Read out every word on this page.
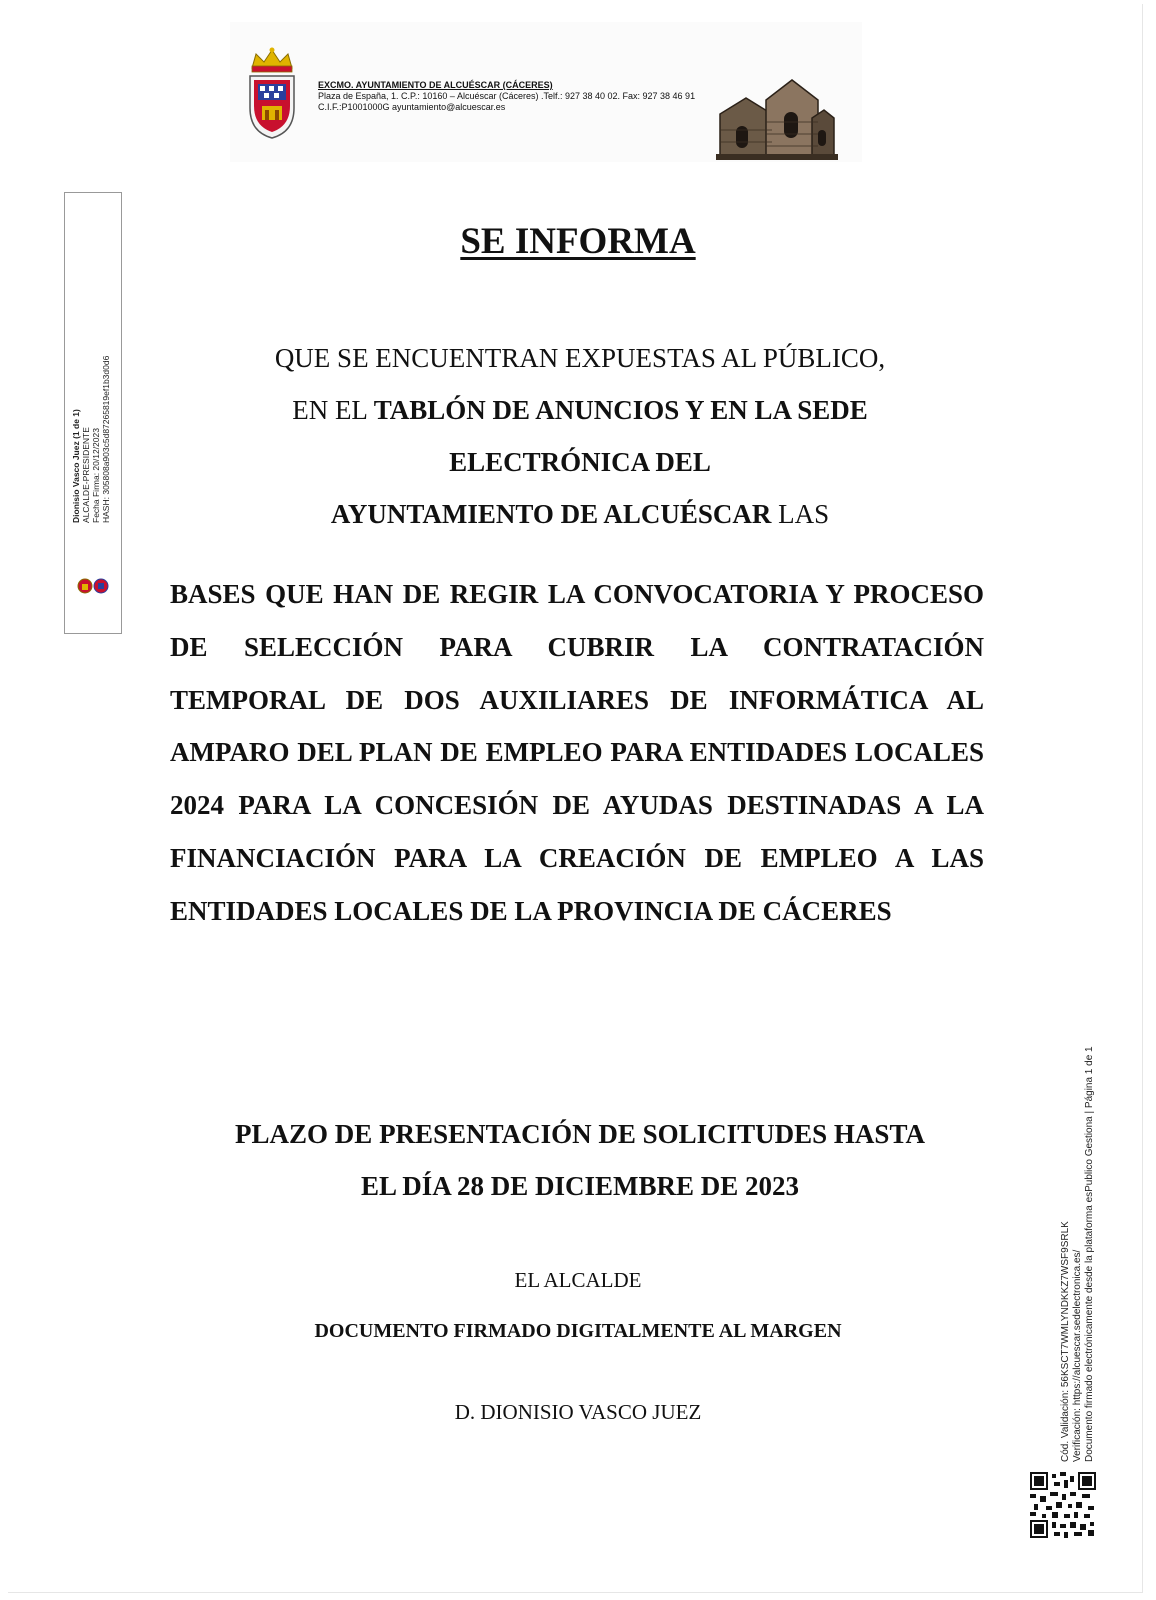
EXCMO. AYUNTAMIENTO DE ALCUÉSCAR (CÁCERES)
Plaza de España, 1. C.P.: 10160 – Alcuéscar (Cáceres) .Telf.: 927 38 40 02. Fax: 927 38 46 91
C.I.F.:P1001000G ayuntamiento@alcuescar.es
Dionisio Vasco Juez (1 de 1) ALCALDE-PRESIDENTE Fecha Firma: 20/12/2023 HASH: 305808a903c5d87265819ef1b3d0d6
SE INFORMA
QUE SE ENCUENTRAN EXPUESTAS AL PÚBLICO,
EN EL TABLÓN DE ANUNCIOS Y EN LA SEDE
ELECTRÓNICA DEL
AYUNTAMIENTO DE ALCUÉSCAR LAS
BASES QUE HAN DE REGIR LA CONVOCATORIA Y PROCESO DE SELECCIÓN PARA CUBRIR LA CONTRATACIÓN TEMPORAL DE DOS AUXILIARES DE INFORMÁTICA AL AMPARO DEL PLAN DE EMPLEO PARA ENTIDADES LOCALES 2024 PARA LA CONCESIÓN DE AYUDAS DESTINADAS A LA FINANCIACIÓN PARA LA CREACIÓN DE EMPLEO A LAS ENTIDADES LOCALES DE LA PROVINCIA DE CÁCERES
PLAZO DE PRESENTACIÓN DE SOLICITUDES HASTA
EL DÍA 28 DE DICIEMBRE DE 2023
EL ALCALDE
DOCUMENTO FIRMADO DIGITALMENTE AL MARGEN
D. DIONISIO VASCO JUEZ	Cód. Validación: 56KSCT7WMLYNDKKZ7WSF9SRLK Verificación: https://alcuescar.sedelectronica.es/ Documento firmado electrónicamente desde la plataforma esPublico Gestiona | Página 1 de 1
